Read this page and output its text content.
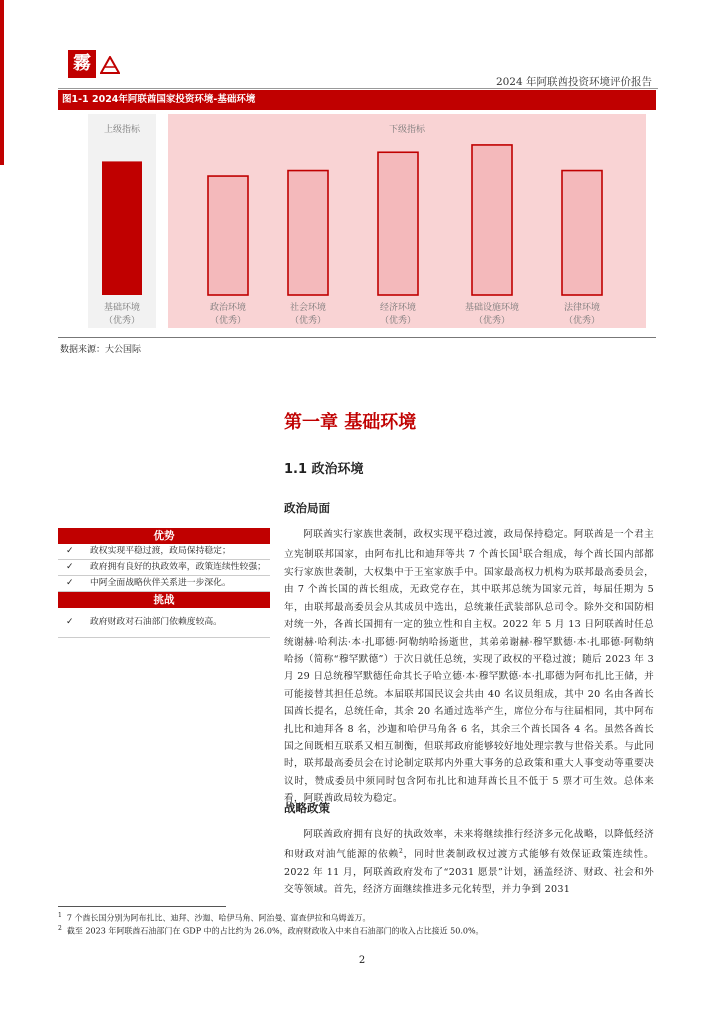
霧
2024 年阿联酋投资环境评价报告
图1-1 2024年阿联酋国家投资环境-基础环境
上级指标	下级指标
基础环境
（优秀）
政治环境
（优秀）
社会环境
（优秀）
经济环境
（优秀）
基础设施环境
（优秀）
法律环境
（优秀）
数据来源：大公国际
第一章 基础环境
1.1 政治环境
政治局面
阿联酋实行家族世袭制，政权实现平稳过渡，政局保持稳定。阿联酋是一个君主立宪制联邦国家，由阿布扎比和迪拜等共 7 个酋长国$^1$联合组成，每个酋长国内部都实行家族世袭制，大权集中于王室家族手中。国家最高权力机构为联邦最高委员会，由 7 个酋长国的酋长组成，无政党存在，其中联邦总统为国家元首，每届任期为 5 年，由联邦最高委员会从其成员中选出，总统兼任武装部队总司令。除外交和国防相对统一外，各酋长国拥有一定的独立性和自主权。2022 年 5 月 13 日阿联酋时任总统谢赫·哈利法·本·扎耶德·阿勒纳哈扬逝世，其弟弟谢赫·穆罕默德·本·扎耶德·阿勒纳哈扬（简称“穆罕默德”）于次日就任总统，实现了政权的平稳过渡；随后 2023 年 3 月 29 日总统穆罕默德任命其长子哈立德·本·穆罕默德·本·扎耶德为阿布扎比王储，并可能接替其担任总统。本届联邦国民议会共由 40 名议员组成，其中 20 名由各酋长国酋长提名，总统任命，其余 20 名通过选举产生，席位分布与往届相同，其中阿布扎比和迪拜各 8 名，沙迦和哈伊马角各 6 名，其余三个酋长国各 4 名。虽然各酋长国之间既相互联系又相互制衡，但联邦政府能够较好地处理宗教与世俗关系。与此同时，联邦最高委员会在讨论制定联邦内外重大事务的总政策和重大人事变动等重要决议时，赞成委员中须同时包含阿布扎比和迪拜酋长且不低于 5 票才可生效。总体来看，阿联酋政局较为稳定。
战略政策
阿联酋政府拥有良好的执政效率，未来将继续推行经济多元化战略，以降低经济和财政对油气能源的依赖$^2$，同时世袭制政权过渡方式能够有效保证政策连续性。2022 年 11 月，阿联酋政府发布了“2031 愿景”计划，涵盖经济、财政、社会和外交等领域。首先，经济方面继续推进多元化转型，并力争到 2031
优势
✓ 政权实现平稳过渡，政局保持稳定；
✓ 政府拥有良好的执政效率，政策连续性较强；
✓ 中阿全面战略伙伴关系进一步深化。
挑战
✓ 政府财政对石油部门依赖度较高。
$^1$ 7 个酋长国分别为阿布扎比、迪拜、沙迦、哈伊马角、阿治曼、富查伊拉和乌姆盖万。
$^2$ 截至 2023 年阿联酋石油部门在 GDP 中的占比约为 26.0%，政府财政收入中来自石油部门的收入占比接近 50.0%。
2
